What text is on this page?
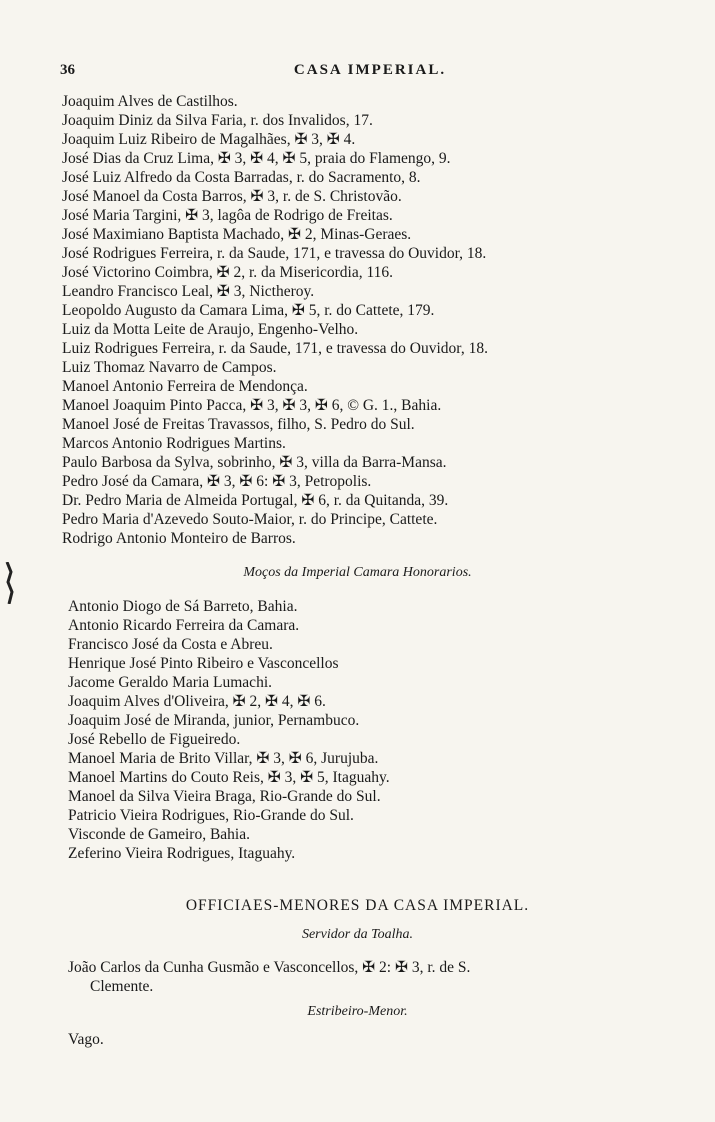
36	CASA IMPERIAL.
Joaquim Alves de Castilhos.
Joaquim Diniz da Silva Faria, r. dos Invalidos, 17.
Joaquim Luiz Ribeiro de Magalhães, ✠ 3, ✠ 4.
José Dias da Cruz Lima, ✠ 3, ✠ 4, ✠ 5, praia do Flamengo, 9.
José Luiz Alfredo da Costa Barradas, r. do Sacramento, 8.
José Manoel da Costa Barros, ✠ 3, r. de S. Christovão.
José Maria Targini, ✠ 3, lagôa de Rodrigo de Freitas.
José Maximiano Baptista Machado, ✠ 2, Minas-Geraes.
José Rodrigues Ferreira, r. da Saude, 171, e travessa do Ouvidor, 18.
José Victorino Coimbra, ✠ 2, r. da Misericordia, 116.
Leandro Francisco Leal, ✠ 3, Nictheroy.
Leopoldo Augusto da Camara Lima, ✠ 5, r. do Cattete, 179.
Luiz da Motta Leite de Araujo, Engenho-Velho.
Luiz Rodrigues Ferreira, r. da Saude, 171, e travessa do Ouvidor, 18.
Luiz Thomaz Navarro de Campos.
Manoel Antonio Ferreira de Mendonça.
Manoel Joaquim Pinto Pacca, ✠ 3, ✠ 3, ✠ 6, © G. 1., Bahia.
Manoel José de Freitas Travassos, filho, S. Pedro do Sul.
Marcos Antonio Rodrigues Martins.
Paulo Barbosa da Sylva, sobrinho, ✠ 3, villa da Barra-Mansa.
Pedro José da Camara, ✠ 3, ✠ 6: ✠ 3, Petropolis.
Dr. Pedro Maria de Almeida Portugal, ✠ 6, r. da Quitanda, 39.
Pedro Maria d'Azevedo Souto-Maior, r. do Principe, Cattete.
Rodrigo Antonio Monteiro de Barros.
Moços da Imperial Camara Honorarios.
Antonio Diogo de Sá Barreto, Bahia.
Antonio Ricardo Ferreira da Camara.
Francisco José da Costa e Abreu.
Henrique José Pinto Ribeiro e Vasconcellos
Jacome Geraldo Maria Lumachi.
Joaquim Alves d'Oliveira, ✠ 2, ✠ 4, ✠ 6.
Joaquim José de Miranda, junior, Pernambuco.
José Rebello de Figueiredo.
Manoel Maria de Brito Villar, ✠ 3, ✠ 6, Jurujuba.
Manoel Martins do Couto Reis, ✠ 3, ✠ 5, Itaguahy.
Manoel da Silva Vieira Braga, Rio-Grande do Sul.
Patricio Vieira Rodrigues, Rio-Grande do Sul.
Visconde de Gameiro, Bahia.
Zeferino Vieira Rodrigues, Itaguahy.
OFFICIAES-MENORES DA CASA IMPERIAL.
Servidor da Toalha.
João Carlos da Cunha Gusmão e Vasconcellos, ✠ 2: ✠ 3, r. de S.
Clemente.
Estribeiro-Menor.
Vago.
